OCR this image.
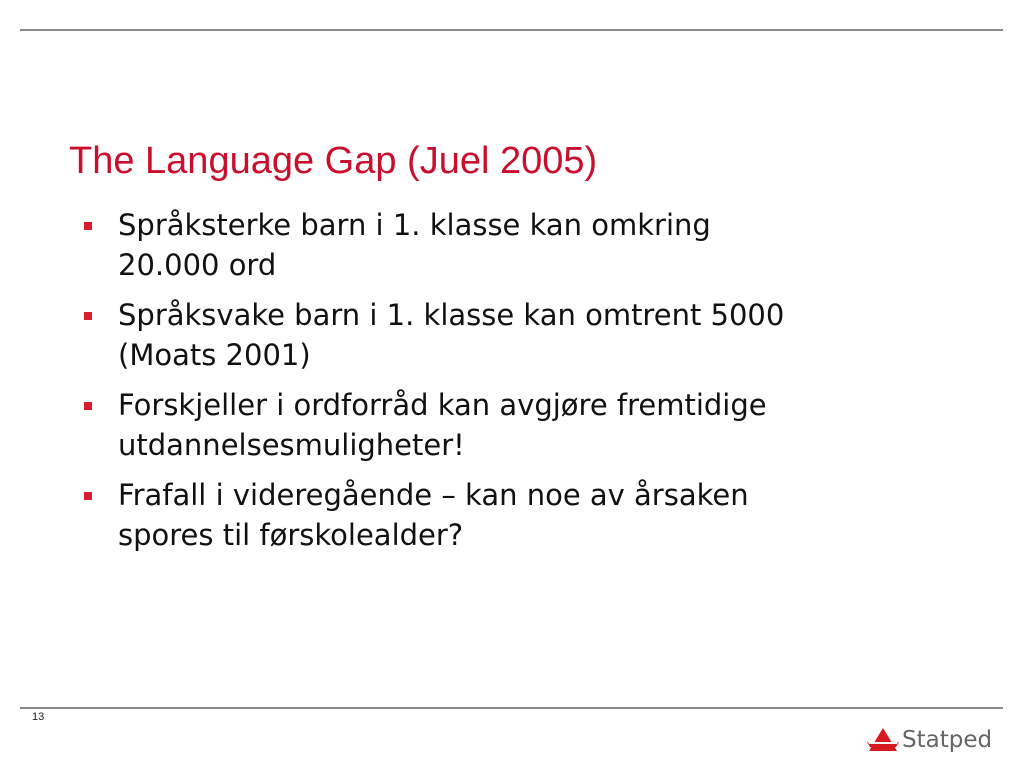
The Language Gap (Juel 2005)
Språksterke barn i 1. klasse kan omkring
20.000 ord
Språksvake barn i 1. klasse kan omtrent 5000
(Moats 2001)
Forskjeller i ordforråd kan avgjøre fremtidige
utdannelsesmuligheter!
Frafall i videregående – kan noe av årsaken
spores til førskolealder?
13
Statped
